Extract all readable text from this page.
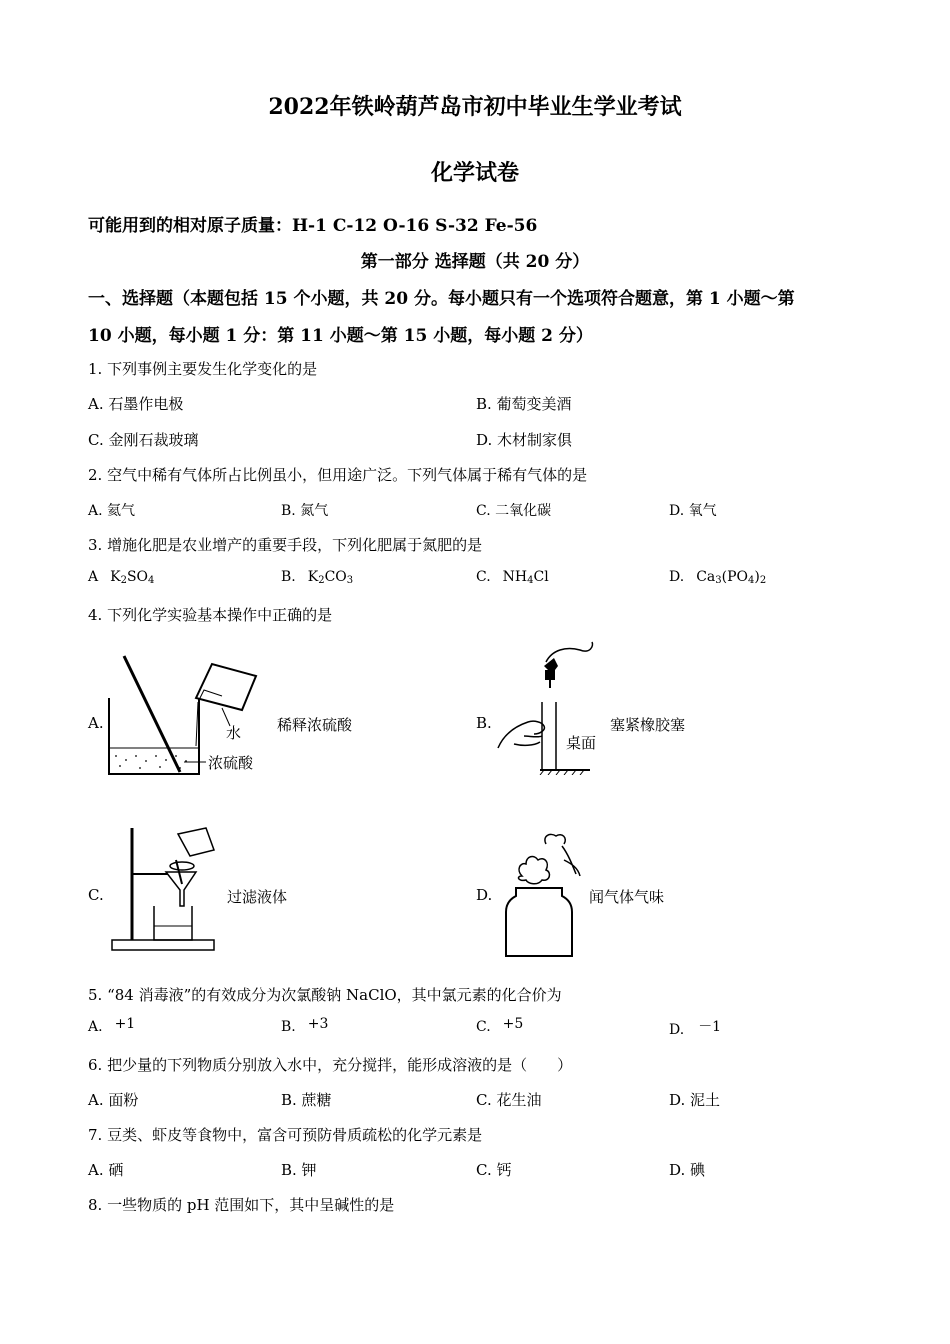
2022年铁岭葫芦岛市初中毕业生学业考试
化学试卷
可能用到的相对原子质量：H-1 C-12 O-16 S-32 Fe-56
第一部分 选择题（共 20 分）
一、选择题（本题包括 15 个小题，共 20 分。每小题只有一个选项符合题意，第 1 小题～第
10 小题，每小题 1 分：第 11 小题～第 15 小题，每小题 2 分）
1. 下列事例主要发生化学变化的是
A. 石墨作电极	B. 葡萄变美酒
C. 金刚石裁玻璃	D. 木材制家俱
2. 空气中稀有气体所占比例虽小，但用途广泛。下列气体属于稀有气体的是
A. 氦气	B. 氮气	C. 二氧化碳	D. 氧气
3. 增施化肥是农业增产的重要手段，下列化肥属于氮肥的是
A $K_2SO_4$	B. $K_2CO_3$	C. $NH_4Cl$	D. $Ca_3(PO_4)_2$
4. 下列化学实验基本操作中正确的是
A.
水
浓硫酸
稀释浓硫酸	B.
桌面
塞紧橡胶塞
C.	过滤液体	D.	闻气体气味
5. “84 消毒液”的有效成分为次氯酸钠 NaClO，其中氯元素的化合价为
A. +1	B. +3	C. +5	D. －1
6. 把少量的下列物质分别放入水中，充分搅拌，能形成溶液的是（　　）
A. 面粉	B. 蔗糖	C. 花生油	D. 泥土
7. 豆类、虾皮等食物中，富含可预防骨质疏松的化学元素是
A. 硒	B. 钾	C. 钙	D. 碘
8. 一些物质的 pH 范围如下，其中呈碱性的是
